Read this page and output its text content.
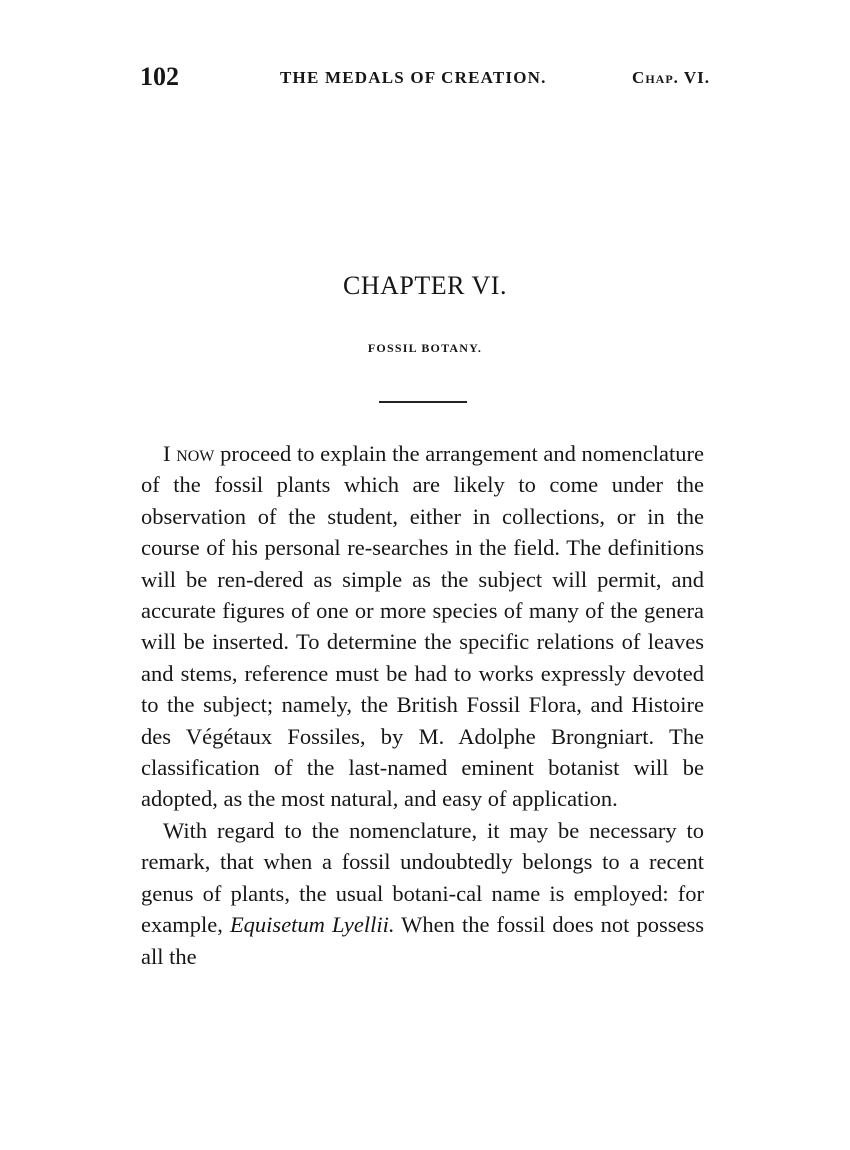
102	THE MEDALS OF CREATION.	Chap. VI.
CHAPTER VI.
FOSSIL BOTANY.

I now proceed to explain the arrangement and nomenclature of the fossil plants which are likely to come under the observation of the student, either in collections, or in the course of his personal re-searches in the field. The definitions will be ren-dered as simple as the subject will permit, and accurate figures of one or more species of many of the genera will be inserted. To determine the specific relations of leaves and stems, reference must be had to works expressly devoted to the subject; namely, the British Fossil Flora, and Histoire des Végétaux Fossiles, by M. Adolphe Brongniart. The classification of the last-named eminent botanist will be adopted, as the most natural, and easy of application.

With regard to the nomenclature, it may be necessary to remark, that when a fossil undoubtedly belongs to a recent genus of plants, the usual botani-cal name is employed: for example, Equisetum Lyellii. When the fossil does not possess all the
